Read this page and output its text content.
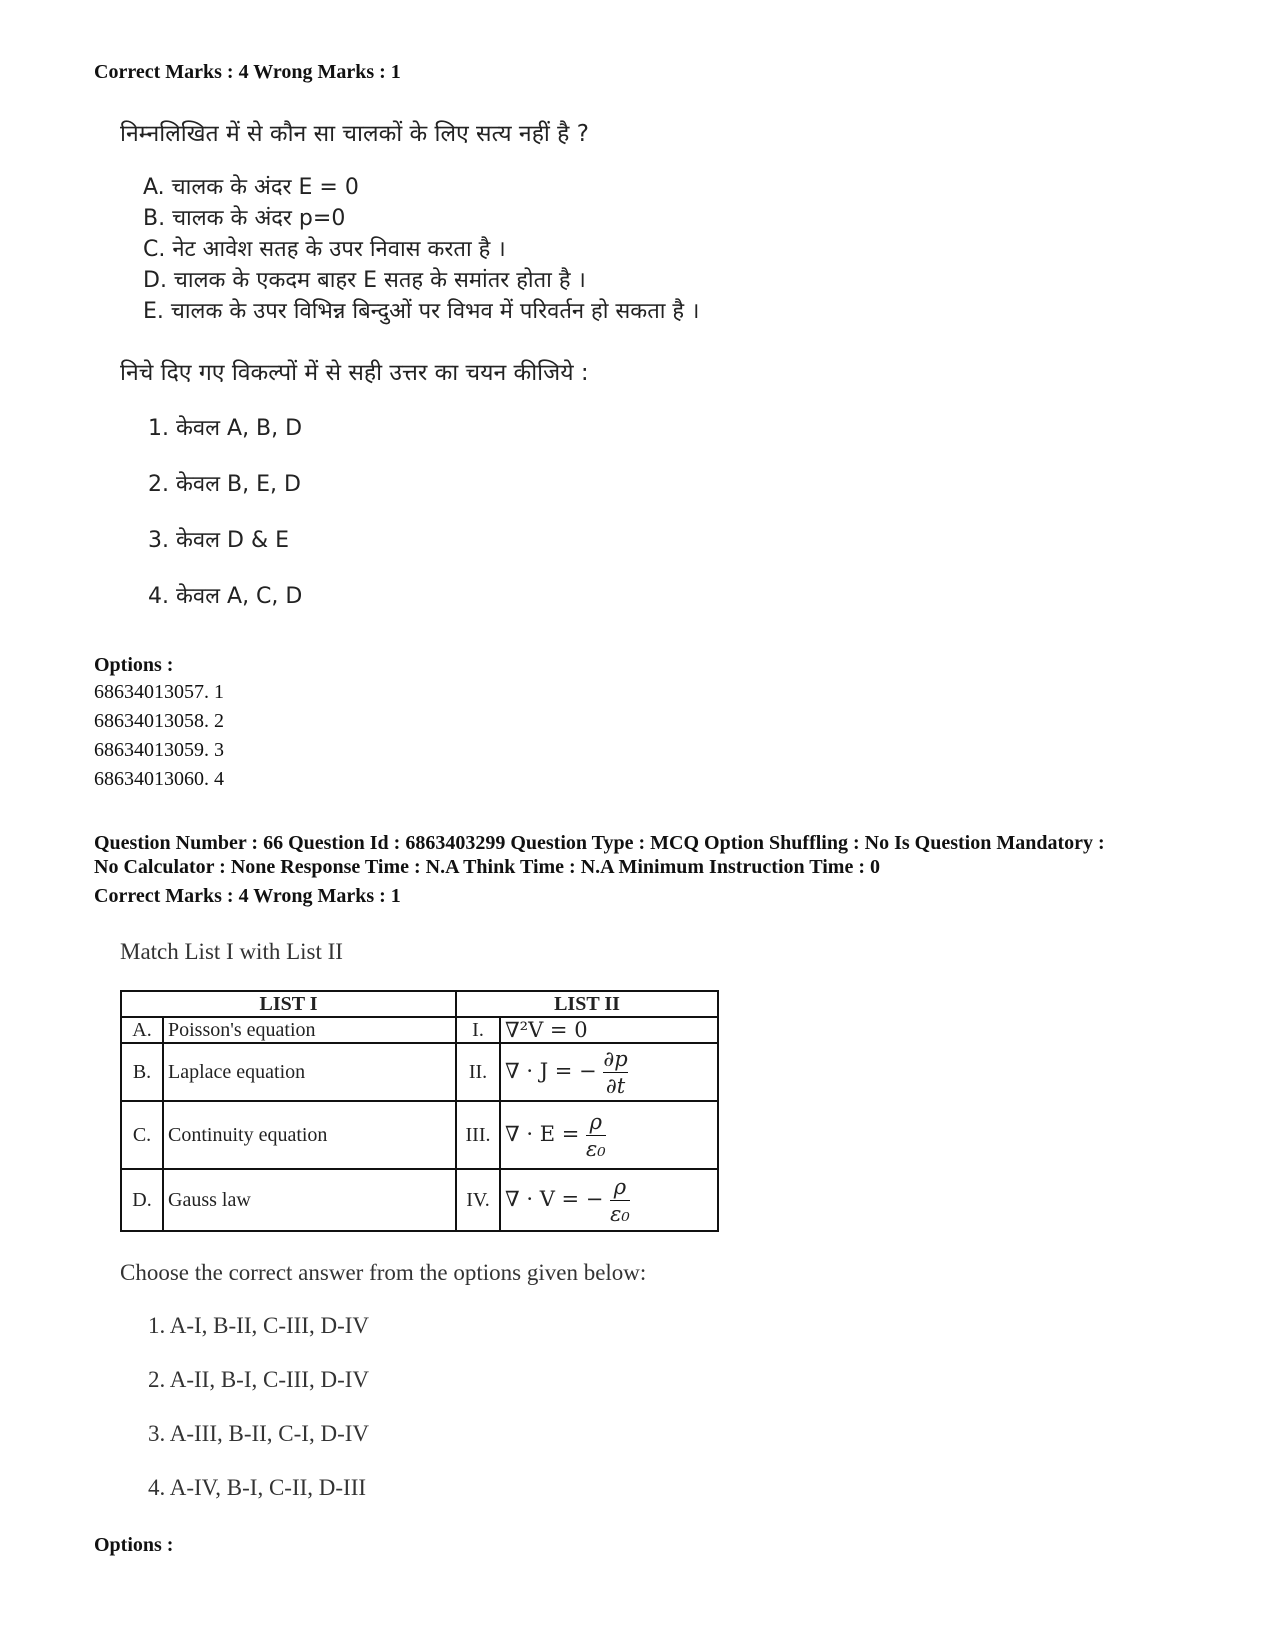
Correct Marks : 4 Wrong Marks : 1
निम्नलिखित में से कौन सा चालकों के लिए सत्य नहीं है ?
A. चालक के अंदर E = 0
B. चालक के अंदर p=0
C. नेट आवेश सतह के उपर निवास करता है ।
D. चालक के एकदम बाहर E सतह के समांतर होता है ।
E. चालक के उपर विभिन्न बिन्दुओं पर विभव में परिवर्तन हो सकता है ।
निचे दिए गए विकल्पों में से सही उत्तर का चयन कीजिये :
1. केवल A, B, D
2. केवल B, E, D
3. केवल D & E
4. केवल A, C, D
Options :
68634013057. 1
68634013058. 2
68634013059. 3
68634013060. 4
Question Number : 66 Question Id : 6863403299 Question Type : MCQ Option Shuffling : No Is Question Mandatory :
No Calculator : None Response Time : N.A Think Time : N.A Minimum Instruction Time : 0
Correct Marks : 4 Wrong Marks : 1
Match List I with List II
LIST I		LIST II	
A.	Poisson's equation	I.	∇²V = 0
B.	Laplace equation	II.	∇ · J = − $\frac{\partial p}{\partial t}$

C.	Continuity equation	III.	∇ · $E = \frac{\rho}{\text{ε₀}}$

D.	Gauss law	IV.	∇ · V = − $\frac{\rho}{\text{ε₀}}$
Choose the correct answer from the options given below:
1. A-I, B-II, C-III, D-IV
2. A-II, B-I, C-III, D-IV
3. A-III, B-II, C-I, D-IV
4. A-IV, B-I, C-II, D-III
Options :
